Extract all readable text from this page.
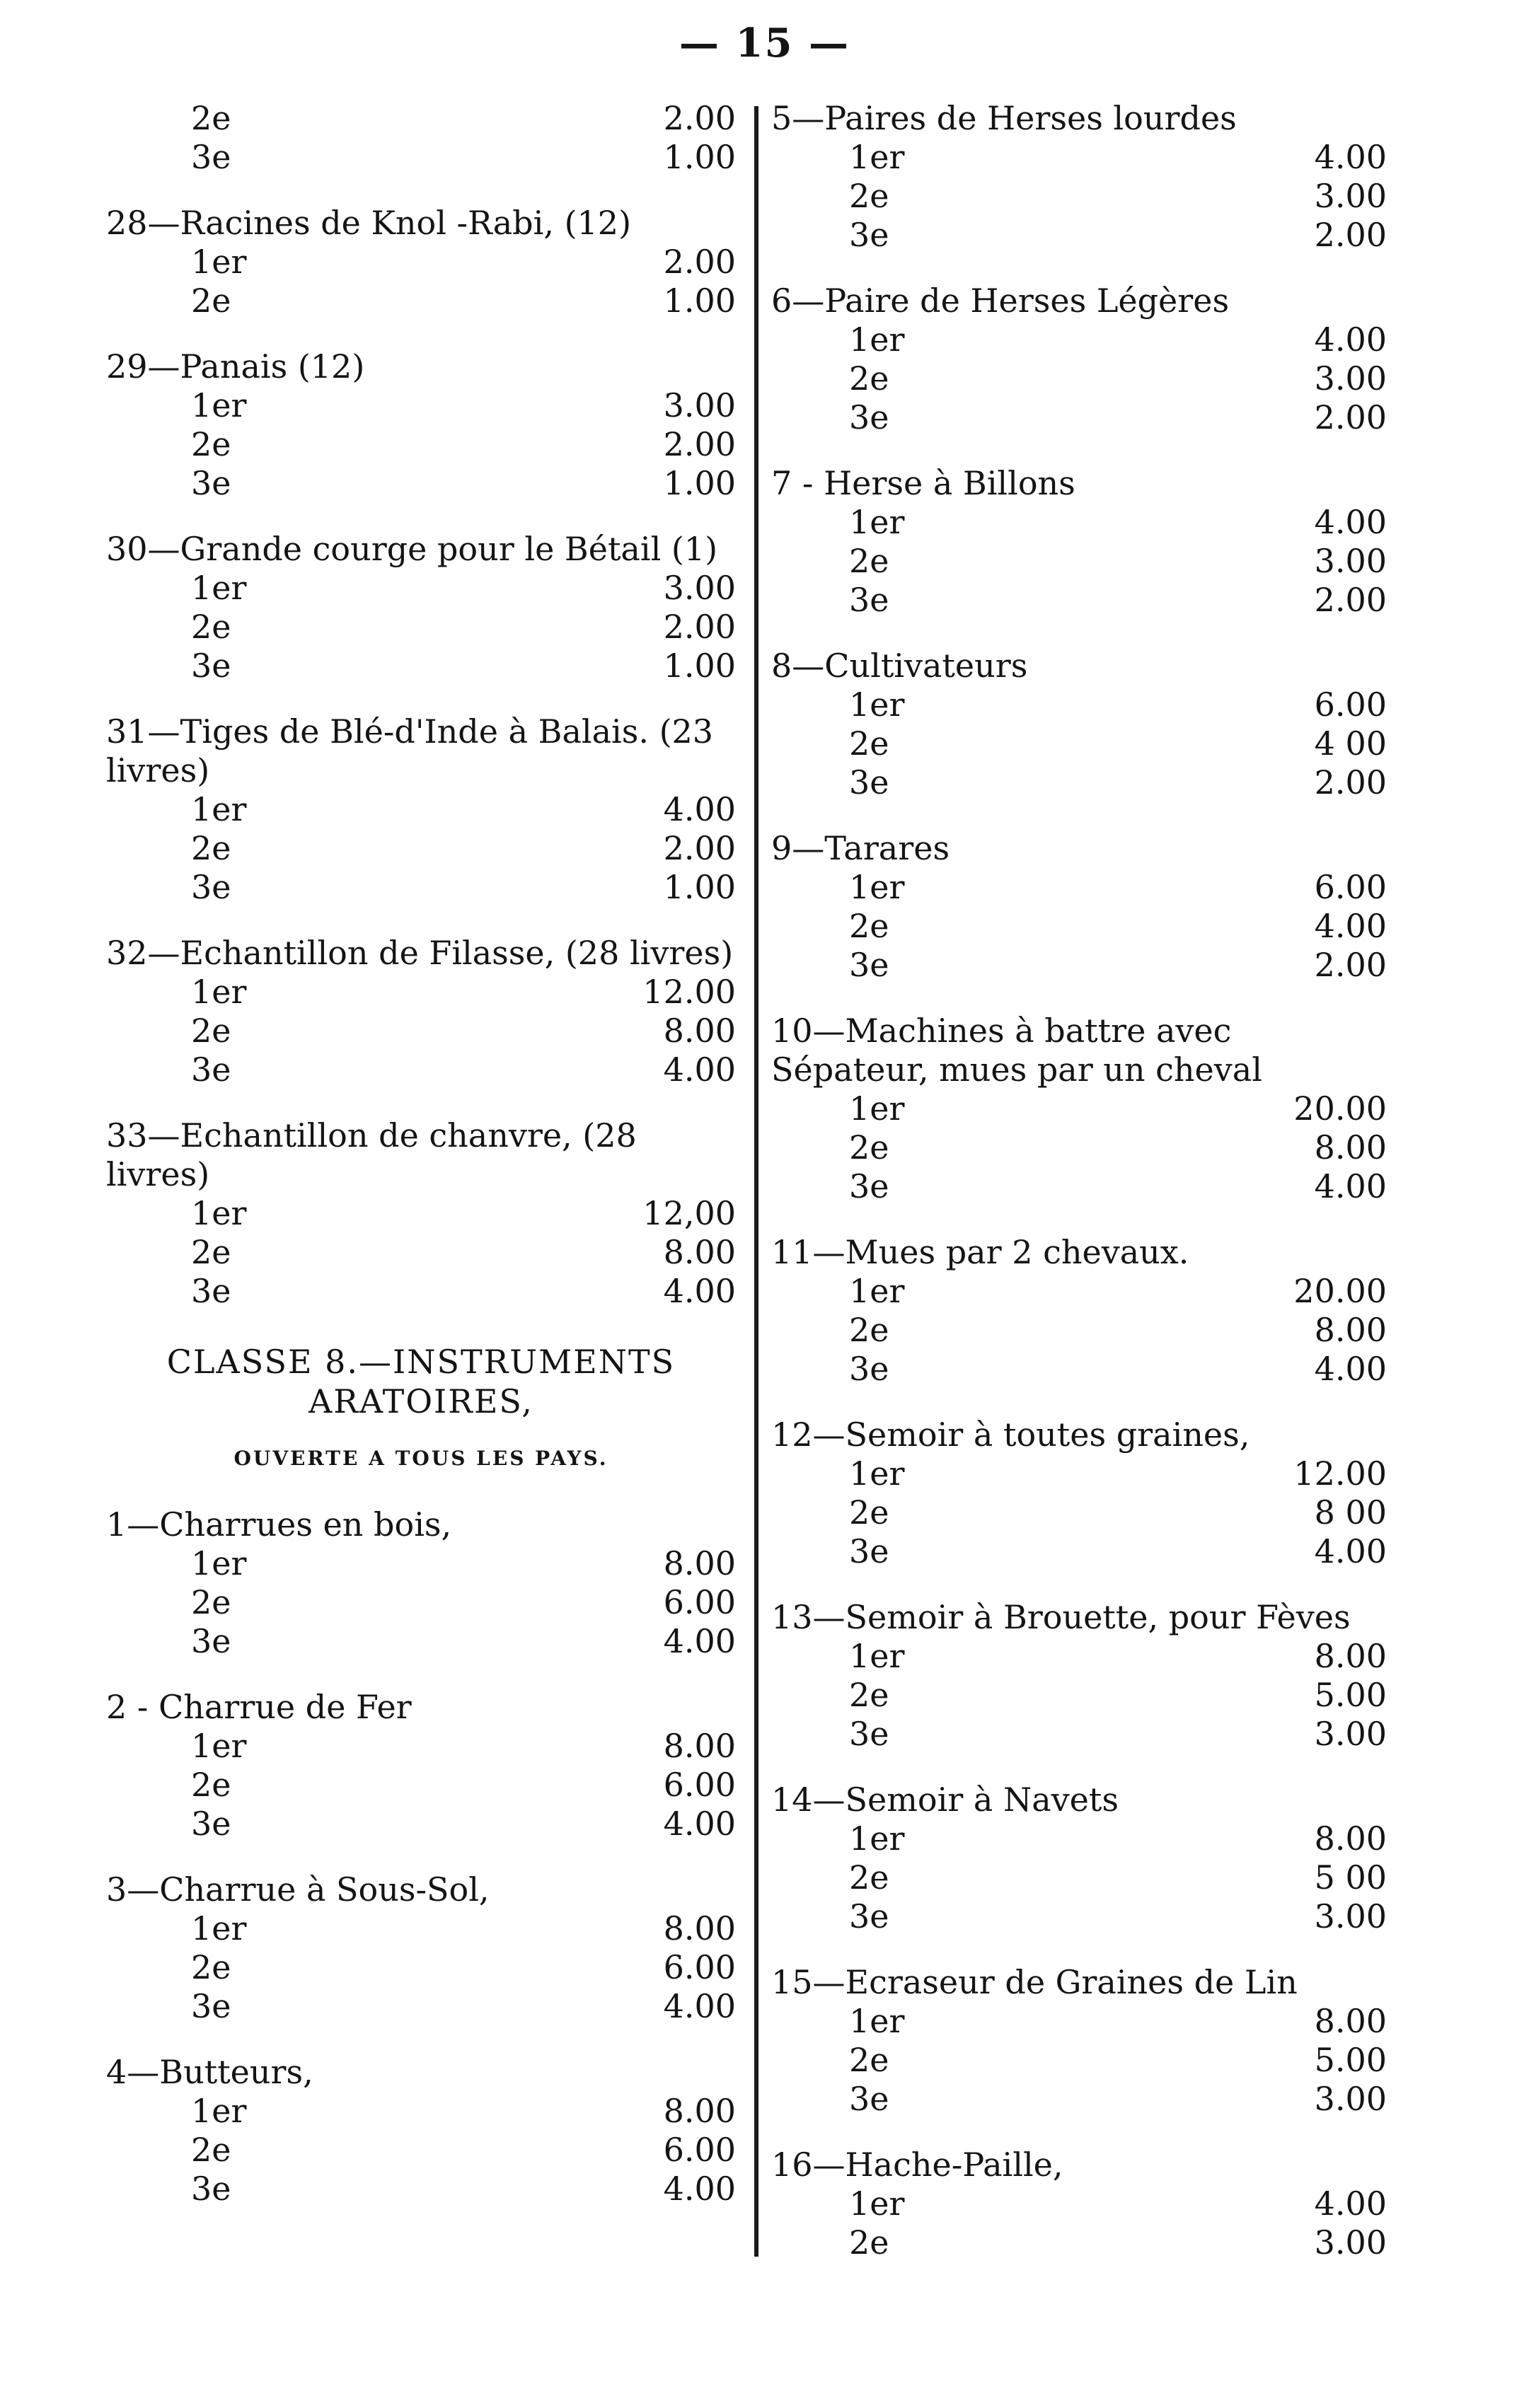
— 15 —
2e	2.00
3e	1.00
28—Racines de Knol -Rabi, (12)
1er	2.00
2e	1.00
29—Panais (12)
1er	3.00
2e	2.00
3e	1.00
30—Grande courge pour le Bétail (1)
1er	3.00
2e	2.00
3e	1.00
31—Tiges de Blé-d'Inde à Balais. (23 livres)
1er	4.00
2e	2.00
3e	1.00
32—Echantillon de Filasse, (28 livres)
1er	12.00
2e	8.00
3e	4.00
33—Echantillon de chanvre, (28 livres)
1er	12,00
2e	8.00
3e	4.00
CLASSE 8.—INSTRUMENTS
ARATOIRES,
OUVERTE A TOUS LES PAYS.
1—Charrues en bois,
1er	8.00
2e	6.00
3e	4.00
2 - Charrue de Fer
1er	8.00
2e	6.00
3e	4.00
3—Charrue à Sous-Sol,
1er	8.00
2e	6.00
3e	4.00
4—Butteurs,
1er	8.00
2e	6.00
3e	4.00
5—Paires de Herses lourdes
1er	4.00
2e	3.00
3e	2.00
6—Paire de Herses Légères
1er	4.00
2e	3.00
3e	2.00
7 - Herse à Billons
1er	4.00
2e	3.00
3e	2.00
8—Cultivateurs
1er	6.00
2e	4 00
3e	2.00
9—Tarares
1er	6.00
2e	4.00
3e	2.00
10—Machines à battre avec Sépateur, mues par un cheval
1er	20.00
2e	8.00
3e	4.00
11—Mues par 2 chevaux.
1er	20.00
2e	8.00
3e	4.00
12—Semoir à toutes graines,
1er	12.00
2e	8 00
3e	4.00
13—Semoir à Brouette, pour Fèves
1er	8.00
2e	5.00
3e	3.00
14—Semoir à Navets
1er	8.00
2e	5 00
3e	3.00
15—Ecraseur de Graines de Lin
1er	8.00
2e	5.00
3e	3.00
16—Hache-Paille,
1er	4.00
2e	3.00
